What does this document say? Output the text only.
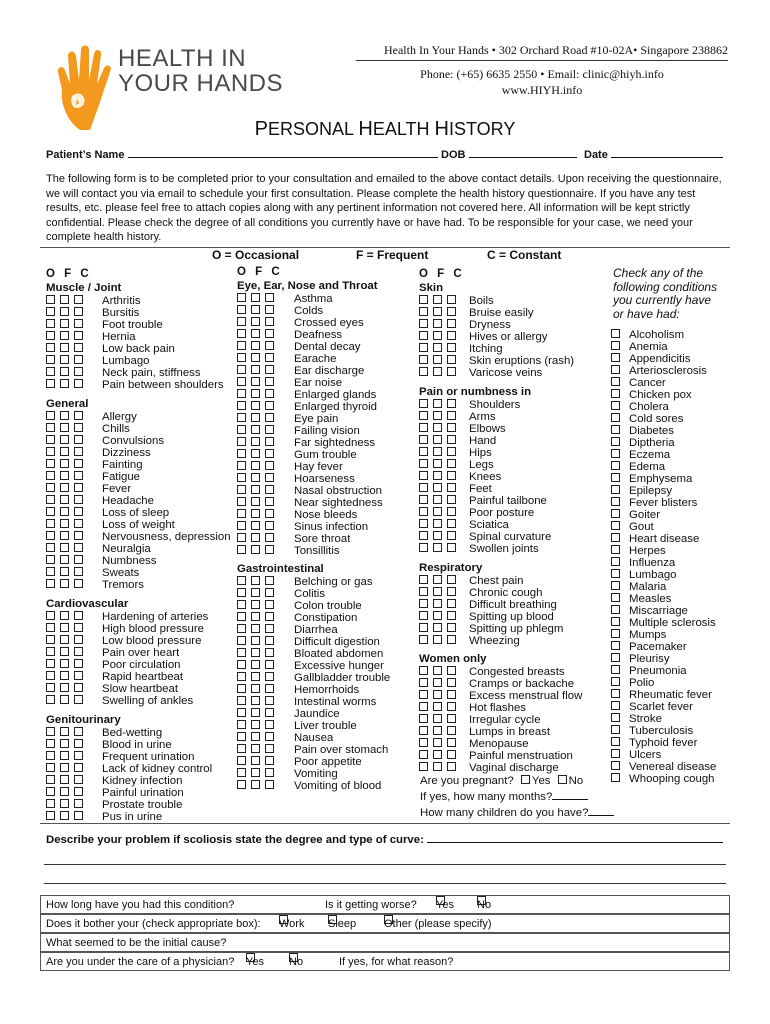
HEALTH IN
YOUR HANDS
Health In Your Hands • 302 Orchard Road #10-02A• Singapore 238862
Phone: (+65) 6635 2550 • Email: clinic@hiyh.info
www.HIYH.info
PERSONAL HEALTH HISTORY
Patient’s Name	DOB	Date
The following form is to be completed prior to your consultation and emailed to the above contact details. Upon receiving the questionnaire, we will contact you via email to schedule your first consultation. Please complete the health history questionnaire. If you have any test results, etc. please feel free to attach copies along with any pertinent information not covered here. All information will be kept strictly confidential. Please check the degree of all conditions you currently have or have had. To be responsible for your case, we need your complete health history.
O = Occasional	F = Frequent	C = Constant
O F C
Muscle / Joint
Arthritis
Bursitis
Foot trouble
Hernia
Low back pain
Lumbago
Neck pain, stiffness
Pain between shoulders
General
Allergy
Chills
Convulsions
Dizziness
Fainting
Fatigue
Fever
Headache
Loss of sleep
Loss of weight
Nervousness, depression
Neuralgia
Numbness
Sweats
Tremors
Cardiovascular
Hardening of arteries
High blood pressure
Low blood pressure
Pain over heart
Poor circulation
Rapid heartbeat
Slow heartbeat
Swelling of ankles
Genitourinary
Bed-wetting
Blood in urine
Frequent urination
Lack of kidney control
Kidney infection
Painful urination
Prostate trouble
Pus in urine
O F C
Eye, Ear, Nose and Throat
Asthma
Colds
Crossed eyes
Deafness
Dental decay
Earache
Ear discharge
Ear noise
Enlarged glands
Enlarged thyroid
Eye pain
Failing vision
Far sightedness
Gum trouble
Hay fever
Hoarseness
Nasal obstruction
Near sightedness
Nose bleeds
Sinus infection
Sore throat
Tonsillitis
Gastrointestinal
Belching or gas
Colitis
Colon trouble
Constipation
Diarrhea
Difficult digestion
Bloated abdomen
Excessive hunger
Gallbladder trouble
Hemorrhoids
Intestinal worms
Jaundice
Liver trouble
Nausea
Pain over stomach
Poor appetite
Vomiting
Vomiting of blood
O F C
Skin
Boils
Bruise easily
Dryness
Hives or allergy
Itching
Skin eruptions (rash)
Varicose veins
Pain or numbness in
Shoulders
Arms
Elbows
Hand
Hips
Legs
Knees
Feet
Painful tailbone
Poor posture
Sciatica
Spinal curvature
Swollen joints
Respiratory
Chest pain
Chronic cough
Difficult breathing
Spitting up blood
Spitting up phlegm
Wheezing
Women only
Congested breasts
Cramps or backache
Excess menstrual flow
Hot flashes
Irregular cycle
Lumps in breast
Menopause
Painful menstruation
Vaginal discharge
Check any of the
following conditions
you currently have
or have had:
Alcoholism
Anemia
Appendicitis
Arteriosclerosis
Cancer
Chicken pox
Cholera
Cold sores
Diabetes
Diptheria
Eczema
Edema
Emphysema
Epilepsy
Fever blisters
Goiter
Gout
Heart disease
Herpes
Influenza
Lumbago
Malaria
Measles
Miscarriage
Multiple sclerosis
Mumps
Pacemaker
Pleurisy
Pneumonia
Polio
Rheumatic fever
Scarlet fever
Stroke
Tuberculosis
Typhoid fever
Ulcers
Venereal disease
Whooping cough
Are you pregnant? Yes No
If yes, how many months?
How many children do you have?
Describe your problem if scoliosis state the degree and type of curve:
How long have you had this condition?	Is it getting worse? Yes No
Does it bother your (check appropriate box): Work Sleep	Other (please specify)
What seemed to be the initial cause?
Are you under the care of a physician? Yes No	If yes, for what reason?
